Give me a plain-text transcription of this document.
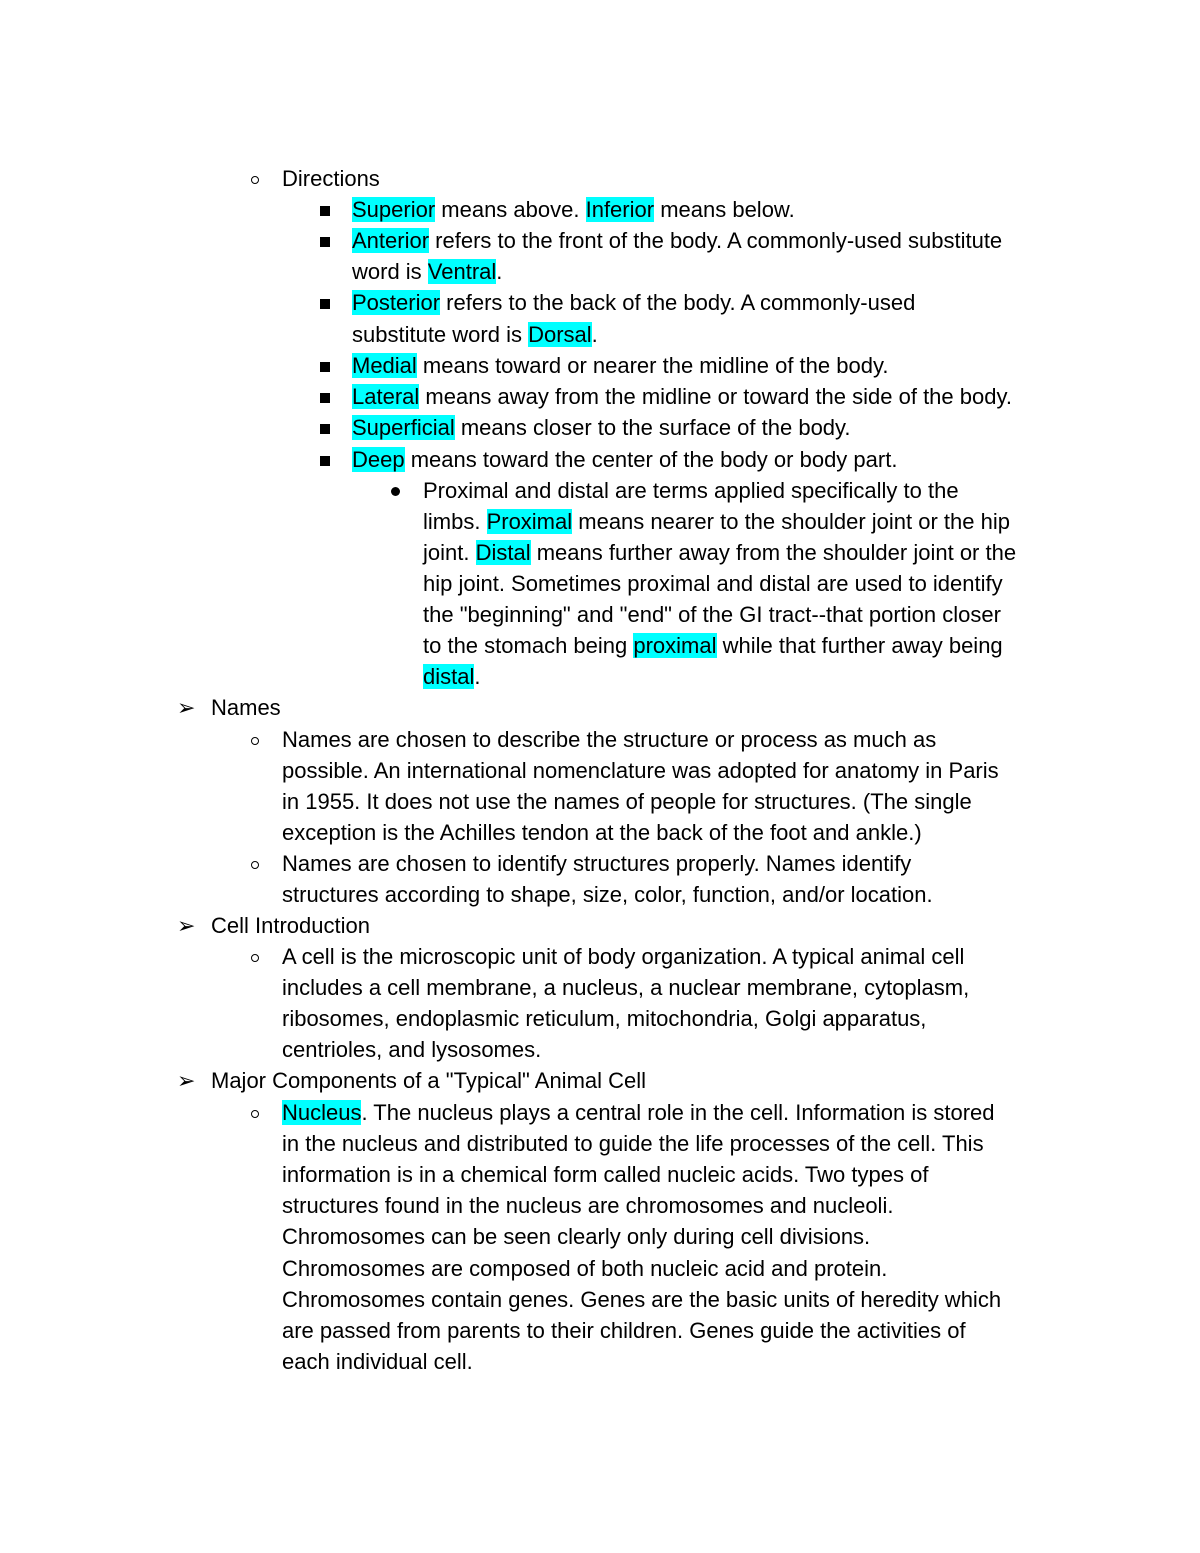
Directions
Superior means above. Inferior means below.
Anterior refers to the front of the body. A commonly-used substitute
word is Ventral.
Posterior refers to the back of the body. A commonly-used
substitute word is Dorsal.
Medial means toward or nearer the midline of the body.
Lateral means away from the midline or toward the side of the body.
Superficial means closer to the surface of the body.
Deep means toward the center of the body or body part.
Proximal and distal are terms applied specifically to the
limbs. Proximal means nearer to the shoulder joint or the hip
joint. Distal means further away from the shoulder joint or the
hip joint. Sometimes proximal and distal are used to identify
the "beginning" and "end" of the GI tract--that portion closer
to the stomach being proximal while that further away being
distal.
➢ Names
Names are chosen to describe the structure or process as much as
possible. An international nomenclature was adopted for anatomy in Paris
in 1955. It does not use the names of people for structures. (The single
exception is the Achilles tendon at the back of the foot and ankle.)
Names are chosen to identify structures properly. Names identify
structures according to shape, size, color, function, and/or location.
➢ Cell Introduction
A cell is the microscopic unit of body organization. A typical animal cell
includes a cell membrane, a nucleus, a nuclear membrane, cytoplasm,
ribosomes, endoplasmic reticulum, mitochondria, Golgi apparatus,
centrioles, and lysosomes.
➢ Major Components of a "Typical" Animal Cell
Nucleus. The nucleus plays a central role in the cell. Information is stored
in the nucleus and distributed to guide the life processes of the cell. This
information is in a chemical form called nucleic acids. Two types of
structures found in the nucleus are chromosomes and nucleoli.
Chromosomes can be seen clearly only during cell divisions.
Chromosomes are composed of both nucleic acid and protein.
Chromosomes contain genes. Genes are the basic units of heredity which
are passed from parents to their children. Genes guide the activities of
each individual cell.
